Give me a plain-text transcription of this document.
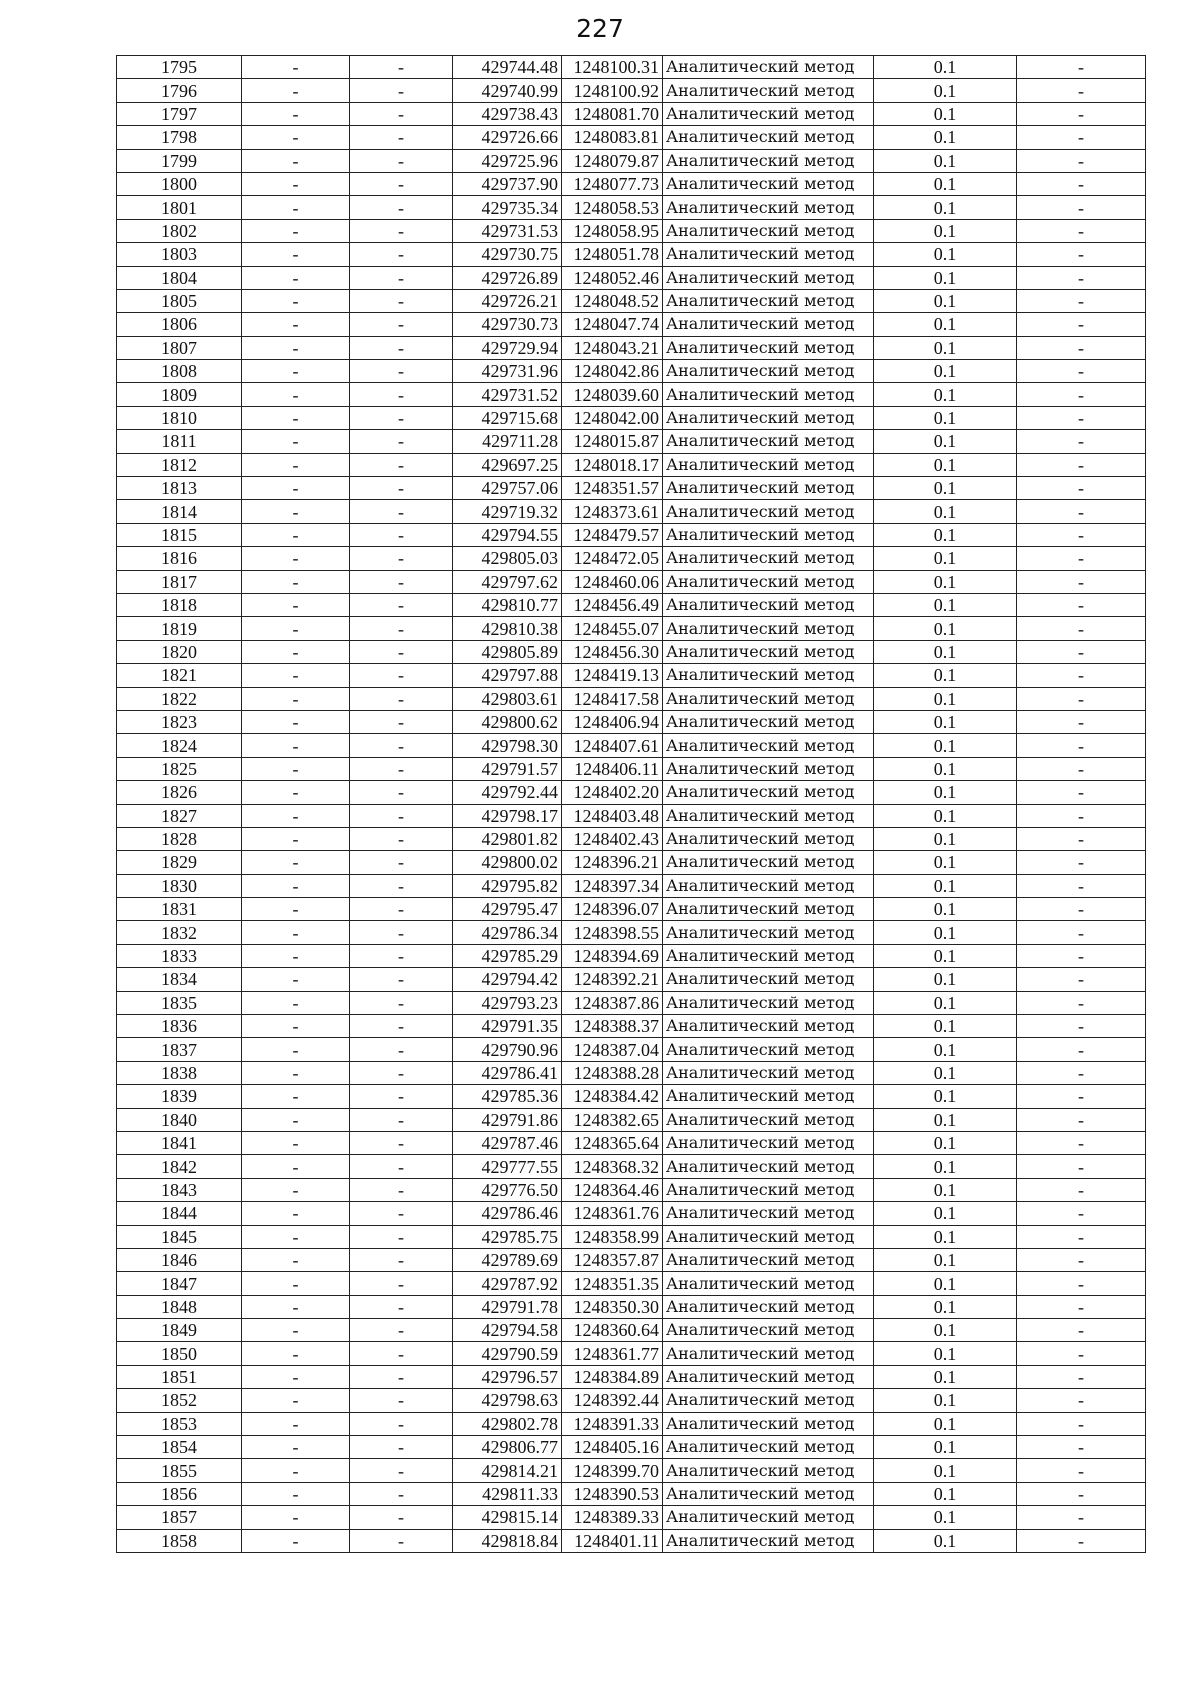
227
1795	-	-	429744.48	1248100.31	Аналитический метод	0.1	-
1796	-	-	429740.99	1248100.92	Аналитический метод	0.1	-
1797	-	-	429738.43	1248081.70	Аналитический метод	0.1	-
1798	-	-	429726.66	1248083.81	Аналитический метод	0.1	-
1799	-	-	429725.96	1248079.87	Аналитический метод	0.1	-
1800	-	-	429737.90	1248077.73	Аналитический метод	0.1	-
1801	-	-	429735.34	1248058.53	Аналитический метод	0.1	-
1802	-	-	429731.53	1248058.95	Аналитический метод	0.1	-
1803	-	-	429730.75	1248051.78	Аналитический метод	0.1	-
1804	-	-	429726.89	1248052.46	Аналитический метод	0.1	-
1805	-	-	429726.21	1248048.52	Аналитический метод	0.1	-
1806	-	-	429730.73	1248047.74	Аналитический метод	0.1	-
1807	-	-	429729.94	1248043.21	Аналитический метод	0.1	-
1808	-	-	429731.96	1248042.86	Аналитический метод	0.1	-
1809	-	-	429731.52	1248039.60	Аналитический метод	0.1	-
1810	-	-	429715.68	1248042.00	Аналитический метод	0.1	-
1811	-	-	429711.28	1248015.87	Аналитический метод	0.1	-
1812	-	-	429697.25	1248018.17	Аналитический метод	0.1	-
1813	-	-	429757.06	1248351.57	Аналитический метод	0.1	-
1814	-	-	429719.32	1248373.61	Аналитический метод	0.1	-
1815	-	-	429794.55	1248479.57	Аналитический метод	0.1	-
1816	-	-	429805.03	1248472.05	Аналитический метод	0.1	-
1817	-	-	429797.62	1248460.06	Аналитический метод	0.1	-
1818	-	-	429810.77	1248456.49	Аналитический метод	0.1	-
1819	-	-	429810.38	1248455.07	Аналитический метод	0.1	-
1820	-	-	429805.89	1248456.30	Аналитический метод	0.1	-
1821	-	-	429797.88	1248419.13	Аналитический метод	0.1	-
1822	-	-	429803.61	1248417.58	Аналитический метод	0.1	-
1823	-	-	429800.62	1248406.94	Аналитический метод	0.1	-
1824	-	-	429798.30	1248407.61	Аналитический метод	0.1	-
1825	-	-	429791.57	1248406.11	Аналитический метод	0.1	-
1826	-	-	429792.44	1248402.20	Аналитический метод	0.1	-
1827	-	-	429798.17	1248403.48	Аналитический метод	0.1	-
1828	-	-	429801.82	1248402.43	Аналитический метод	0.1	-
1829	-	-	429800.02	1248396.21	Аналитический метод	0.1	-
1830	-	-	429795.82	1248397.34	Аналитический метод	0.1	-
1831	-	-	429795.47	1248396.07	Аналитический метод	0.1	-
1832	-	-	429786.34	1248398.55	Аналитический метод	0.1	-
1833	-	-	429785.29	1248394.69	Аналитический метод	0.1	-
1834	-	-	429794.42	1248392.21	Аналитический метод	0.1	-
1835	-	-	429793.23	1248387.86	Аналитический метод	0.1	-
1836	-	-	429791.35	1248388.37	Аналитический метод	0.1	-
1837	-	-	429790.96	1248387.04	Аналитический метод	0.1	-
1838	-	-	429786.41	1248388.28	Аналитический метод	0.1	-
1839	-	-	429785.36	1248384.42	Аналитический метод	0.1	-
1840	-	-	429791.86	1248382.65	Аналитический метод	0.1	-
1841	-	-	429787.46	1248365.64	Аналитический метод	0.1	-
1842	-	-	429777.55	1248368.32	Аналитический метод	0.1	-
1843	-	-	429776.50	1248364.46	Аналитический метод	0.1	-
1844	-	-	429786.46	1248361.76	Аналитический метод	0.1	-
1845	-	-	429785.75	1248358.99	Аналитический метод	0.1	-
1846	-	-	429789.69	1248357.87	Аналитический метод	0.1	-
1847	-	-	429787.92	1248351.35	Аналитический метод	0.1	-
1848	-	-	429791.78	1248350.30	Аналитический метод	0.1	-
1849	-	-	429794.58	1248360.64	Аналитический метод	0.1	-
1850	-	-	429790.59	1248361.77	Аналитический метод	0.1	-
1851	-	-	429796.57	1248384.89	Аналитический метод	0.1	-
1852	-	-	429798.63	1248392.44	Аналитический метод	0.1	-
1853	-	-	429802.78	1248391.33	Аналитический метод	0.1	-
1854	-	-	429806.77	1248405.16	Аналитический метод	0.1	-
1855	-	-	429814.21	1248399.70	Аналитический метод	0.1	-
1856	-	-	429811.33	1248390.53	Аналитический метод	0.1	-
1857	-	-	429815.14	1248389.33	Аналитический метод	0.1	-
1858	-	-	429818.84	1248401.11	Аналитический метод	0.1	-
